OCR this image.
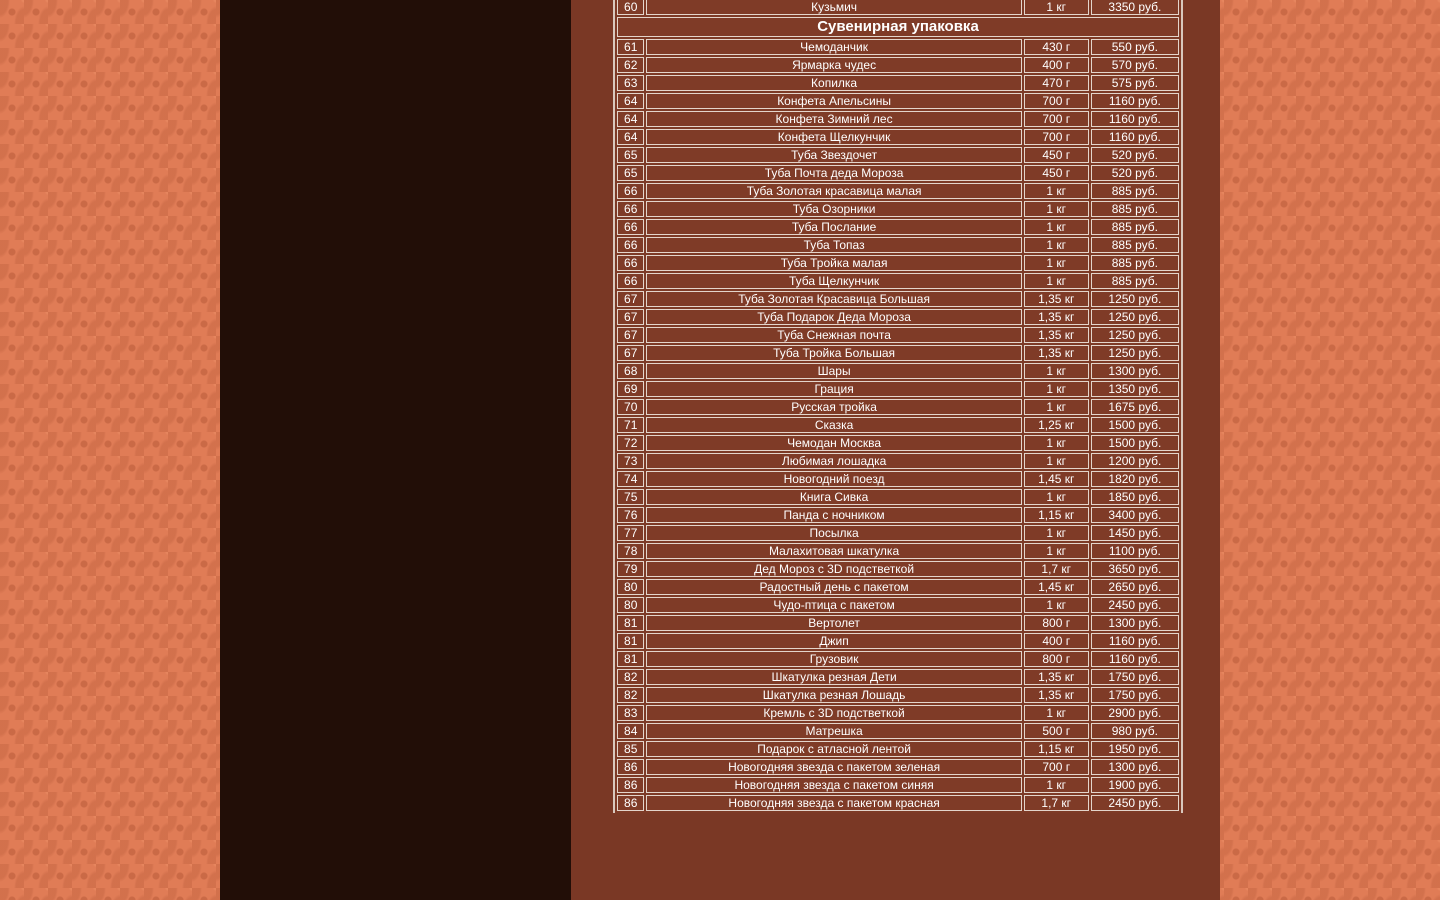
60	Кузьмич	1 кг	3350 руб.
Сувенирная упаковка			
61	Чемоданчик	430 г	550 руб.
62	Ярмарка чудес	400 г	570 руб.
63	Копилка	470 г	575 руб.
64	Конфета Апельсины	700 г	1160 руб.
64	Конфета Зимний лес	700 г	1160 руб.
64	Конфета Щелкунчик	700 г	1160 руб.
65	Туба Звездочет	450 г	520 руб.
65	Туба Почта деда Мороза	450 г	520 руб.
66	Туба Золотая красавица малая	1 кг	885 руб.
66	Туба Озорники	1 кг	885 руб.
66	Туба Послание	1 кг	885 руб.
66	Туба Топаз	1 кг	885 руб.
66	Туба Тройка малая	1 кг	885 руб.
66	Туба Щелкунчик	1 кг	885 руб.
67	Туба Золотая Красавица Большая	1,35 кг	1250 руб.
67	Туба Подарок Деда Мороза	1,35 кг	1250 руб.
67	Туба Снежная почта	1,35 кг	1250 руб.
67	Туба Тройка Большая	1,35 кг	1250 руб.
68	Шары	1 кг	1300 руб.
69	Грация	1 кг	1350 руб.
70	Русская тройка	1 кг	1675 руб.
71	Сказка	1,25 кг	1500 руб.
72	Чемодан Москва	1 кг	1500 руб.
73	Любимая лошадка	1 кг	1200 руб.
74	Новогодний поезд	1,45 кг	1820 руб.
75	Книга Сивка	1 кг	1850 руб.
76	Панда с ночником	1,15 кг	3400 руб.
77	Посылка	1 кг	1450 руб.
78	Малахитовая шкатулка	1 кг	1100 руб.
79	Дед Мороз с 3D подстветкой	1,7 кг	3650 руб.
80	Радостный день с пакетом	1,45 кг	2650 руб.
80	Чудо-птица с пакетом	1 кг	2450 руб.
81	Вертолет	800 г	1300 руб.
81	Джип	400 г	1160 руб.
81	Грузовик	800 г	1160 руб.
82	Шкатулка резная Дети	1,35 кг	1750 руб.
82	Шкатулка резная Лошадь	1,35 кг	1750 руб.
83	Кремль с 3D подстветкой	1 кг	2900 руб.
84	Матрешка	500 г	980 руб.
85	Подарок с атласной лентой	1,15 кг	1950 руб.
86	Новогодняя звезда с пакетом зеленая	700 г	1300 руб.
86	Новогодняя звезда с пакетом синяя	1 кг	1900 руб.
86	Новогодняя звезда с пакетом красная	1,7 кг	2450 руб.
